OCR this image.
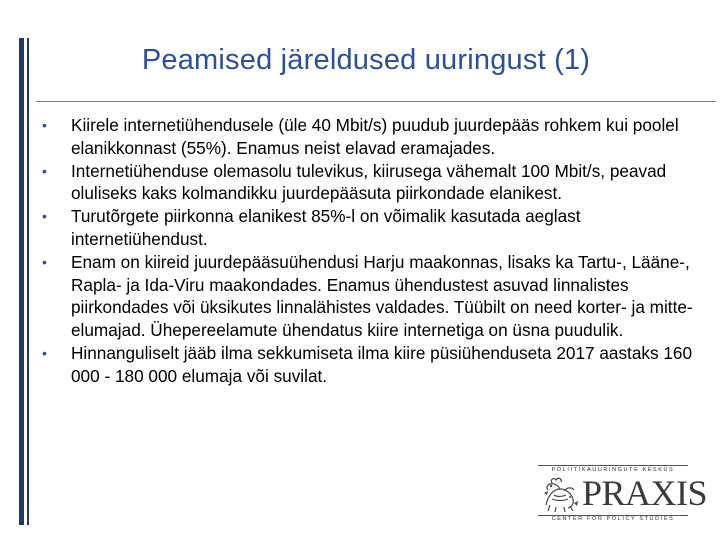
Peamised järeldused uuringust (1)
• Kiirele internetiühendusele (üle 40 Mbit/s) puudub juurdepääs rohkem kui poolel elanikkonnast (55%). Enamus neist elavad eramajades.
• Internetiühenduse olemasolu tulevikus, kiirusega vähemalt 100 Mbit/s, peavad oluliseks kaks kolmandikku juurdepääsuta piirkondade elanikest.
• Turutõrgete piirkonna elanikest 85%-l on võimalik kasutada aeglast internetiühendust.
• Enam on kiireid juurdepääsuühendusi Harju maakonnas, lisaks ka Tartu-, Lääne-, Rapla- ja Ida-Viru maakondades. Enamus ühendustest asuvad linnalistes piirkondades või üksikutes linnalähistes valdades. Tüübilt on need korter- ja mitte-elumajad. Ühepereelamute ühendatus kiire internetiga on üsna puudulik.
• Hinnanguliselt jääb ilma sekkumiseta ilma kiire püsiühenduseta 2017 aastaks 160 000 - 180 000 elumaja või suvilat.
POLIITIKAUURINGUTE KESKUS
PRAXIS
CENTER FOR POLICY STUDIES
